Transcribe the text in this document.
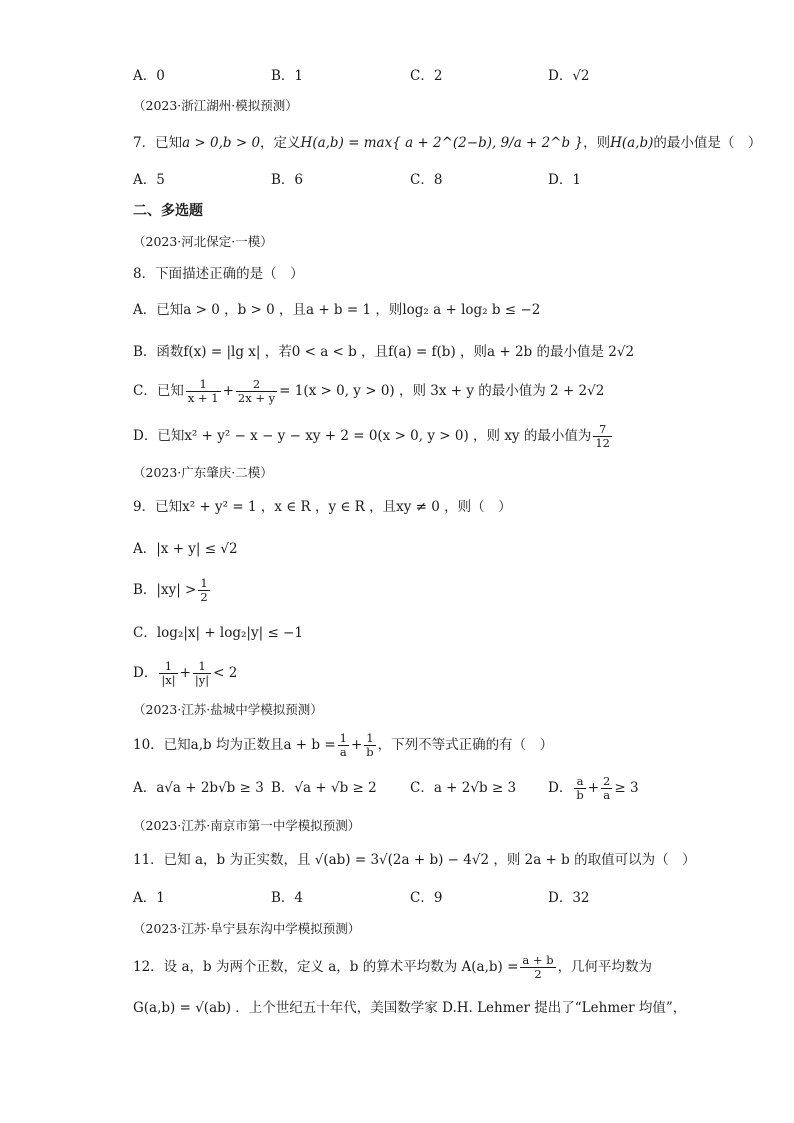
A．0	B．1	C．2	D．√2
（2023·浙江湖州·模拟预测）
7．已知a > 0,b > 0，定义H(a,b) = max{ a + 2^(2−b), 9/a + 2^b }，则H(a,b)的最小值是（　）
A．5	B．6	C．8	D．1
二、多选题
（2023·河北保定·一模）
8．下面描述正确的是（　）
A．已知a > 0 ，b > 0 ，且a + b = 1 ，则log₂ a + log₂ b ≤ −2
B．函数f(x) = |lg x| ，若0 < a < b ，且f(a) = f(b) ，则a + 2b 的最小值是 2√2
C．已知 $\frac{1}{x + 1} + \frac{2}{2x + y} = 1(x > 0$, y > 0) ，则 3x + y 的最小值为 2 + 2√2
D．已知x² + y² − x − y − xy + 2 = 0(x > 0, y > 0) ，则 xy 的最小值为 $\frac{7}{12}$
（2023·广东肇庆·二模）
9．已知x² + y² = 1 ，x ∈ R ，y ∈ R ，且xy ≠ 0 ，则（　）
A．|x + y| ≤ √2
B．$|xy| > \frac{1}{2}$
C．log₂|x| + log₂|y| ≤ −1
D． $\frac{1}{|x|} + \frac{1}{|y|} < 2$
（2023·江苏·盐城中学模拟预测）
10．已知a,b 均为正数且$a + b = \frac{1}{a} + \frac{1}{b}$ ，下列不等式正确的有（　）
A．a√a + 2b√b ≥ 3 B．√a + √b ≥ 2 C．a + 2√b ≥ 3 D． $\frac{a}{b} + \frac{2}{a} \ge 3$
（2023·江苏·南京市第一中学模拟预测）
11．已知 a，b 为正实数，且 √(ab) = 3√(2a + b) − 4√2 ，则 2a + b 的取值可以为（　）
A．1	B．4	C．9	D．32
（2023·江苏·阜宁县东沟中学模拟预测）
12．设 a，b 为两个正数，定义 a，b 的算术平均数为 $A(a,b) = \frac{a + b}{2}$ ，几何平均数为
G(a,b) = √(ab) ．上个世纪五十年代，美国数学家 D.H. Lehmer 提出了“Lehmer 均值”，
